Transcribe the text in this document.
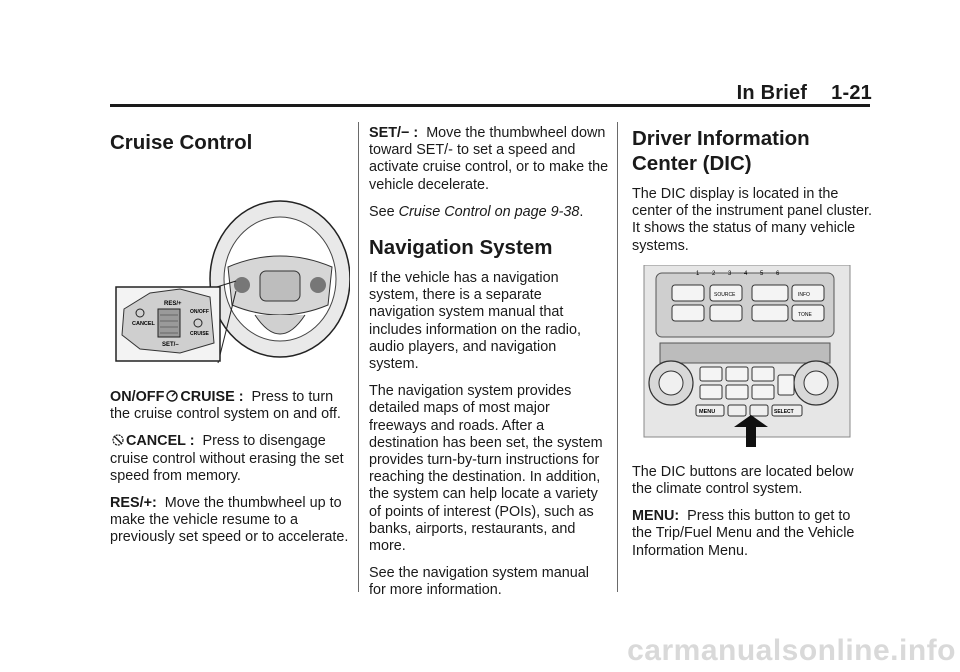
In Brief 1-21
Cruise Control
RES/+
CANCEL
SET/–
ON/OFF
CRUISE

ON/OFF CRUISE : Press to turn the cruise control system on and off.

CANCEL : Press to disengage cruise control without erasing the set speed from memory.

RES/+: Move the thumbwheel up to make the vehicle resume to a previously set speed or to accelerate.

SET/− : Move the thumbwheel down toward SET/- to set a speed and activate cruise control, or to make the vehicle decelerate.

See Cruise Control on page 9-38.

Navigation System

If the vehicle has a navigation system, there is a separate navigation system manual that includes information on the radio, audio players, and navigation system.

The navigation system provides detailed maps of most major freeways and roads. After a destination has been set, the system provides turn-by-turn instructions for reaching the destination. In addition, the system can help locate a variety of points of interest (POIs), such as banks, airports, restaurants, and more.

See the navigation system manual for more information.

Driver Information Center (DIC)

The DIC display is located in the center of the instrument panel cluster. It shows the status of many vehicle systems.

1 2 3 4 5 6
SOURCE	INFO
TONE
MENU	SELECT

The DIC buttons are located below the climate control system.

MENU: Press this button to get to the Trip/Fuel Menu and the Vehicle Information Menu.

carmanualsonline.info
